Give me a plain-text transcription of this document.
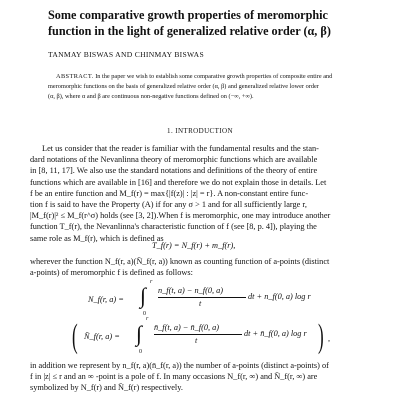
Some comparative growth properties of meromorphic
function in the light of generalized relative order (α, β)
TANMAY BISWAS AND CHINMAY BISWAS
ABSTRACT. In the paper we wish to establish some comparative growth properties of composite entire and
meromorphic functions on the basis of generalized relative order (α, β) and generalized relative lower order
(α, β), where α and β are continuous non-negative functions defined on (−∞, +∞).
1. INTRODUCTION
Let us consider that the reader is familiar with the fundamental results and the stan-
dard notations of the Nevanlinna theory of meromorphic functions which are available
in [8, 11, 17]. We also use the standard notations and definitions of the theory of entire
functions which are available in [16] and therefore we do not explain those in details. Let
f be an entire function and M_f(r) = max{|f(z)| : |z| = r}. A non-constant entire func-
tion f is said to have the Property (A) if for any σ > 1 and for all sufficiently large r,
|M_f(r)|² ≤ M_f(r^σ) holds (see [3, 2]).When f is meromorphic, one may introduce another
function T_f(r), the Nevanlinna's characteristic function of f (see [8, p. 4]), playing the
same role as M_f(r), which is defined as
T_f(r) = N_f(r) + m_f(r),
wherever the function N_f(r, a)(N̄_f(r, a)) known as counting function of a-points (distinct
a-points) of meromorphic f is defined as follows:
N_f(r, a) = ∫
r
0
n_f(t, a) − n_f(0, a)
t
dt + n_f(0, a) log r
( N̄_f(r, a) = ∫
r
0
n̄_f(t, a) − n̄_f(0, a)
t
dt + n̄_f(0, a) log r ) ,
in addition we represent by n_f(r, a)(n̄_f(r, a)) the number of a-points (distinct a-points) of
f in |z| ≤ r and an ∞ -point is a pole of f. In many occasions N_f(r, ∞) and N̄_f(r, ∞) are
symbolized by N_f(r) and N̄_f(r) respectively.
